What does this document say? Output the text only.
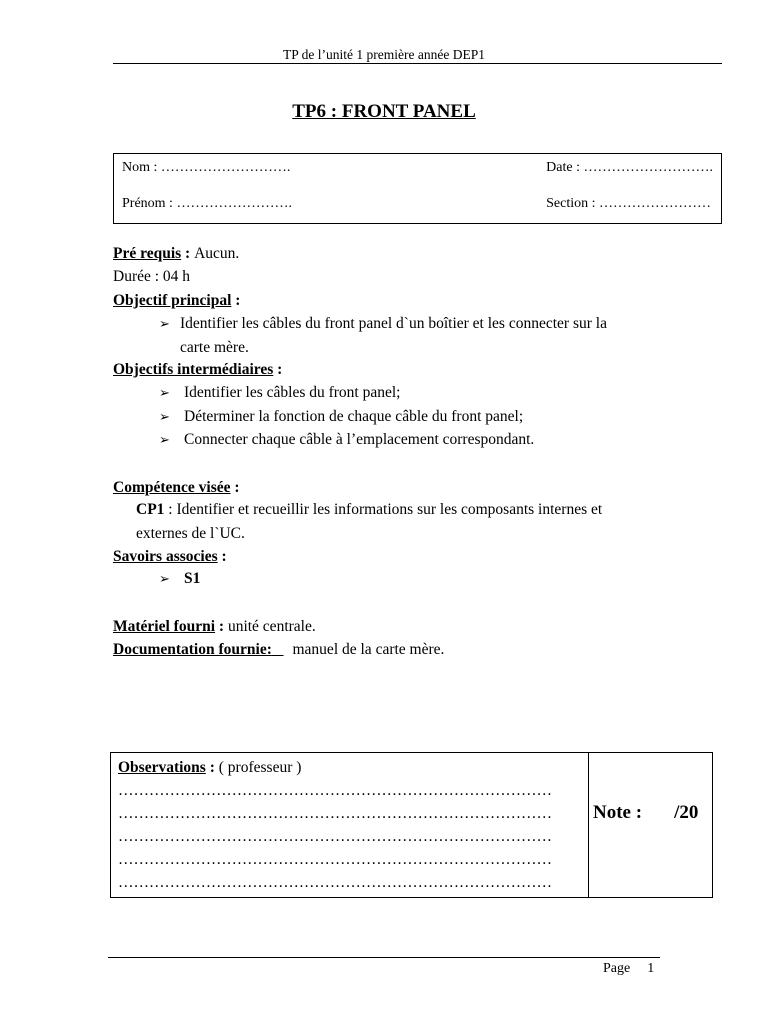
TP de l’unité 1 première année DEP1
TP6 : FRONT PANEL
Nom : ……………………….	Date : ……………………….
Prénom : …………………….	Section : ……………………
Pré requis : Aucun.
Durée : 04 h
Objectif principal :
➢ Identifier les câbles du front panel d`un boîtier et les connecter sur la
carte mère.
Objectifs intermédiaires :
➢ Identifier les câbles du front panel;
➢ Déterminer la fonction de chaque câble du front panel;
➢ Connecter chaque câble à l’emplacement correspondant.
Compétence visée :
CP1 : Identifier et recueillir les informations sur les composants internes et
externes de l`UC.
Savoirs associes :
➢ S1
Matériel fourni : unité centrale.
Documentation fournie: manuel de la carte mère.
Observations : ( professeur )
…………………………………………………………………………
…………………………………………………………………………
…………………………………………………………………………
…………………………………………………………………………
…………………………………………………………………………
Note : /20
Page 1
